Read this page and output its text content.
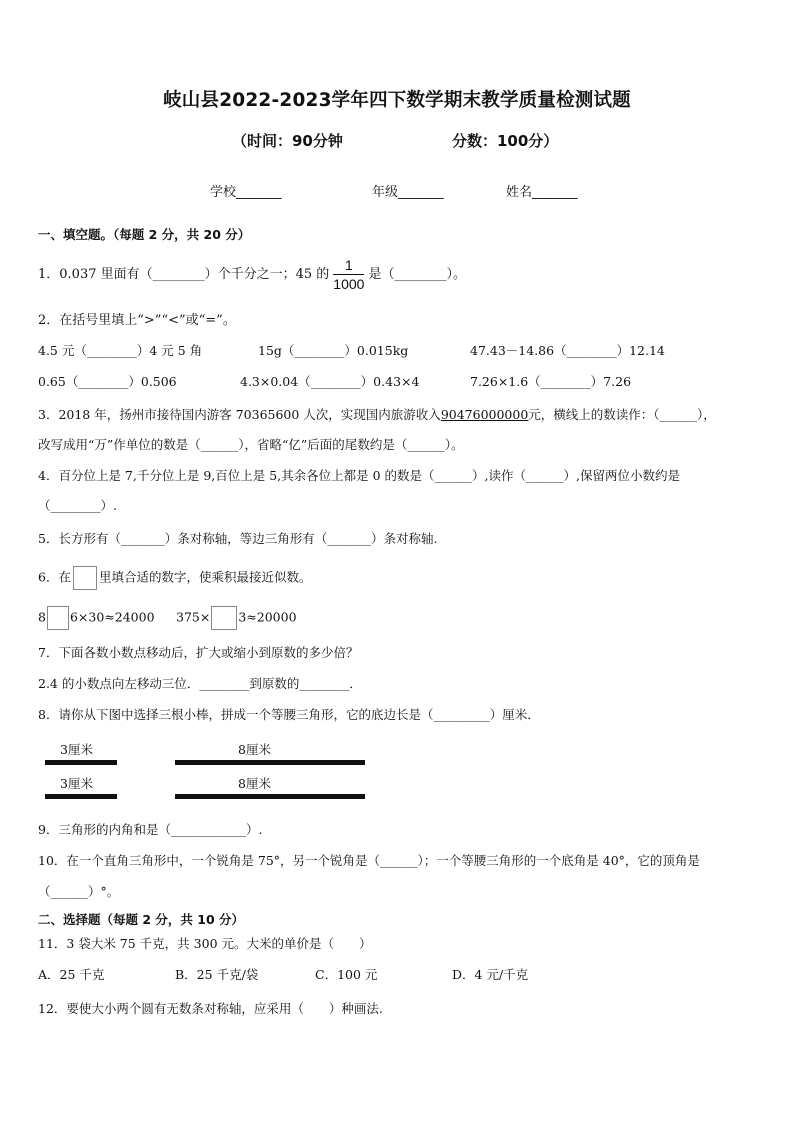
岐山县2022-2023学年四下数学期末教学质量检测试题
（时间：90分钟	分数：100分）
学校_______	年级_______	姓名_______
一、填空题。（每题 2 分，共 20 分）
1．0.037 里面有（________）个千分之一；45 的 $\frac{1}{1000}$ 是（________）。
2．在括号里填上“>”“<”或“=”。
4.5 元（________）4 元 5 角	15g（________）0.015kg	47.43－14.86（________）12.14
0.65（________）0.506	4.3×0.04（________）0.43×4	7.26×1.6（________）7.26
3．2018 年，扬州市接待国内游客 70365600 人次，实现国内旅游收入90476000000元，横线上的数读作：（______），
改写成用“万”作单位的数是（______），省略“亿”后面的尾数约是（______）。
4．百分位上是 7,千分位上是 9,百位上是 5,其余各位上都是 0 的数是（______）,读作（______）,保留两位小数约是
（________）.
5．长方形有（_______）条对称轴，等边三角形有（_______）条对称轴.
6．在 里填合适的数字，使乘积最接近似数。
8 6×30≈24000 375× 3≈20000
7．下面各数小数点移动后，扩大或缩小到原数的多少倍？
2.4 的小数点向左移动三位．________到原数的________．
8．请你从下图中选择三根小棒，拼成一个等腰三角形，它的底边长是（_________）厘米．
3厘米	8厘米
3厘米	8厘米
9．三角形的内角和是（____________）.
10．在一个直角三角形中，一个锐角是 75°，另一个锐角是（______）；一个等腰三角形的一个底角是 40°，它的顶角是
（______）°。
二、选择题（每题 2 分，共 10 分）
11．3 袋大米 75 千克，共 300 元。大米的单价是（　　）
A．25 千克	B．25 千克/袋	C．100 元	D．4 元/千克
12．要使大小两个圆有无数条对称轴，应采用（　　）种画法.
